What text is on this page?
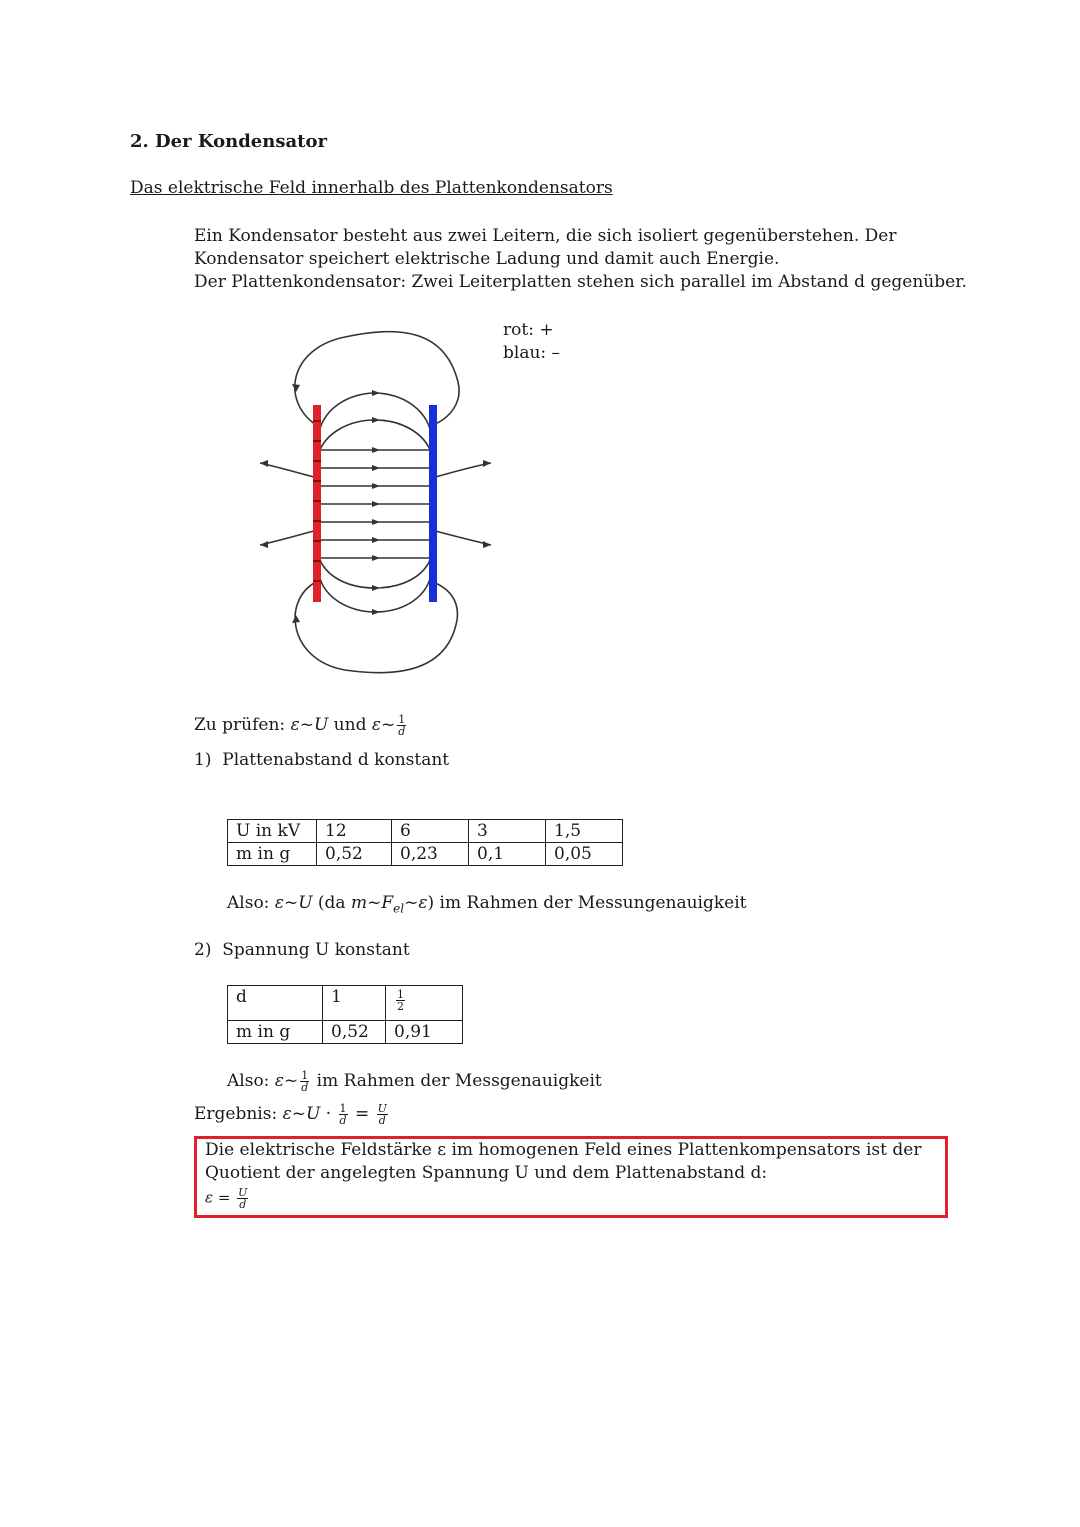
2. Der Kondensator
Das elektrische Feld innerhalb des Plattenkondensators
Ein Kondensator besteht aus zwei Leitern, die sich isoliert gegenüberstehen. Der
Kondensator speichert elektrische Ladung und damit auch Energie.
Der Plattenkondensator: Zwei Leiterplatten stehen sich parallel im Abstand d gegenüber.
rot: +
blau: –
Zu prüfen: ε~U und ε~ $\frac{1}{d}$
1)  Plattenabstand d konstant
U in kV	12	6	3	1,5
m in g	0,52	0,23	0,1	0,05
Also: ε~U (da $m\sim F_{el}\sim\varepsilon$) im Rahmen der Messungenauigkeit
2)  Spannung U konstant
d	1	$\frac{1}{2}$

m in g	0,52	0,91
Also: ε~ $\frac{1}{d}$ im Rahmen der Messgenauigkeit
Ergebnis: ε~U · $\frac{1}{d} = \frac{U}{d}$
Die elektrische Feldstärke ε im homogenen Feld eines Plattenkompensators ist der
Quotient der angelegten Spannung U und dem Plattenabstand d:
$\varepsilon = \frac{U}{d}$
